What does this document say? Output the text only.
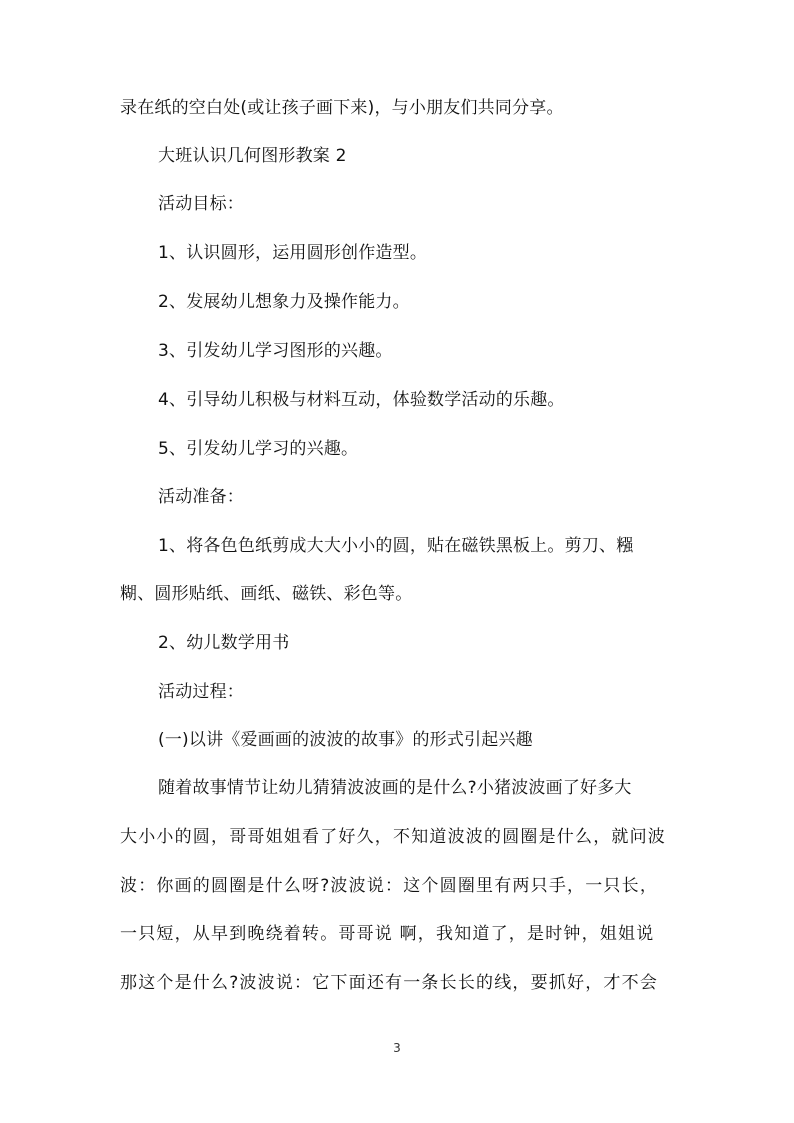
录在纸的空白处(或让孩子画下来)，与小朋友们共同分享。
大班认识几何图形教案 2
活动目标：
1、认识圆形，运用圆形创作造型。
2、发展幼儿想象力及操作能力。
3、引发幼儿学习图形的兴趣。
4、引导幼儿积极与材料互动，体验数学活动的乐趣。
5、引发幼儿学习的兴趣。
活动准备：
1、将各色色纸剪成大大小小的圆，贴在磁铁黑板上。剪刀、糨
糊、圆形贴纸、画纸、磁铁、彩色等。
2、幼儿数学用书
活动过程：
(一)以讲《爱画画的波波的故事》的形式引起兴趣
随着故事情节让幼儿猜猜波波画的是什么?小猪波波画了好多大
大小小的圆，哥哥姐姐看了好久，不知道波波的圆圈是什么，就问波
波：你画的圆圈是什么呀?波波说：这个圆圈里有两只手，一只长，
一只短，从早到晚绕着转。哥哥说 啊，我知道了，是时钟，姐姐说
那这个是什么?波波说：它下面还有一条长长的线，要抓好，才不会
3
